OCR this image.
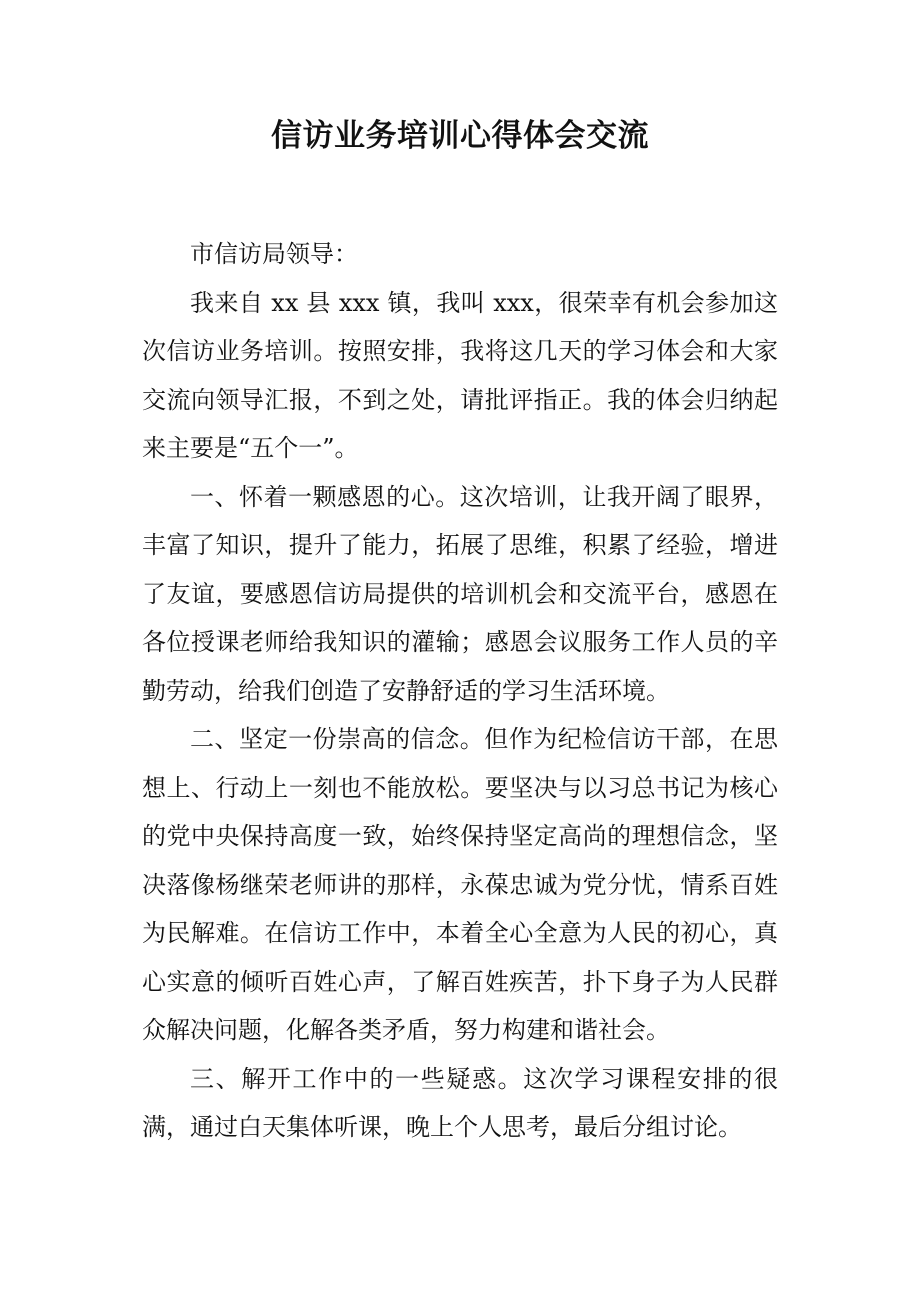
信访业务培训心得体会交流

市信访局领导：

我来自 xx 县 xxx 镇，我叫 xxx，很荣幸有机会参加这次信访业务培训。按照安排，我将这几天的学习体会和大家交流向领导汇报，不到之处，请批评指正。我的体会归纳起来主要是“五个一”。

一、怀着一颗感恩的心。这次培训，让我开阔了眼界，丰富了知识，提升了能力，拓展了思维，积累了经验，增进了友谊，要感恩信访局提供的培训机会和交流平台，感恩在各位授课老师给我知识的灌输；感恩会议服务工作人员的辛勤劳动，给我们创造了安静舒适的学习生活环境。

二、坚定一份崇高的信念。但作为纪检信访干部，在思想上、行动上一刻也不能放松。要坚决与以习总书记为核心的党中央保持高度一致，始终保持坚定高尚的理想信念，坚决落像杨继荣老师讲的那样，永葆忠诚为党分忧，情系百姓为民解难。在信访工作中，本着全心全意为人民的初心，真心实意的倾听百姓心声，了解百姓疾苦，扑下身子为人民群众解决问题，化解各类矛盾，努力构建和谐社会。

三、解开工作中的一些疑惑。这次学习课程安排的很满，通过白天集体听课，晚上个人思考，最后分组讨论。
